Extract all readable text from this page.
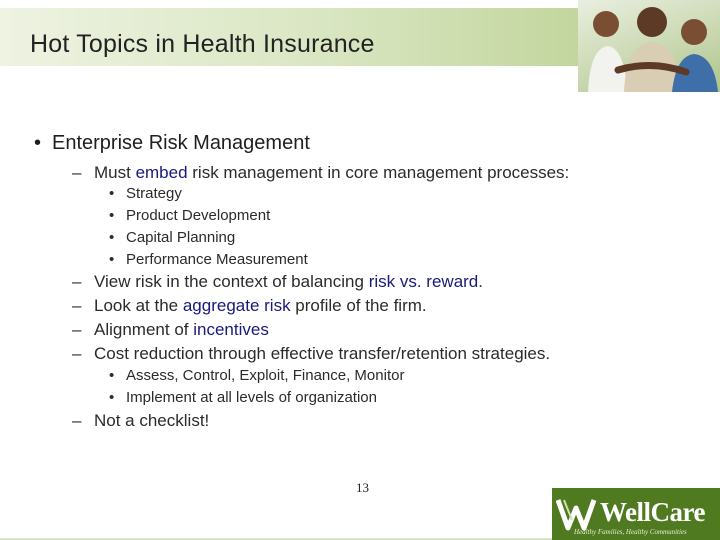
Hot Topics in Health Insurance
• Enterprise Risk Management
– Must embed risk management in core management processes:
• Strategy
• Product Development
• Capital Planning
• Performance Measurement
– View risk in the context of balancing risk vs. reward.
– Look at the aggregate risk profile of the firm.
– Alignment of incentives
– Cost reduction through effective transfer/retention strategies.
• Assess, Control, Exploit, Finance, Monitor
• Implement at all levels of organization
– Not a checklist!
13
WellCare
Healthy Families, Healthy Communities
